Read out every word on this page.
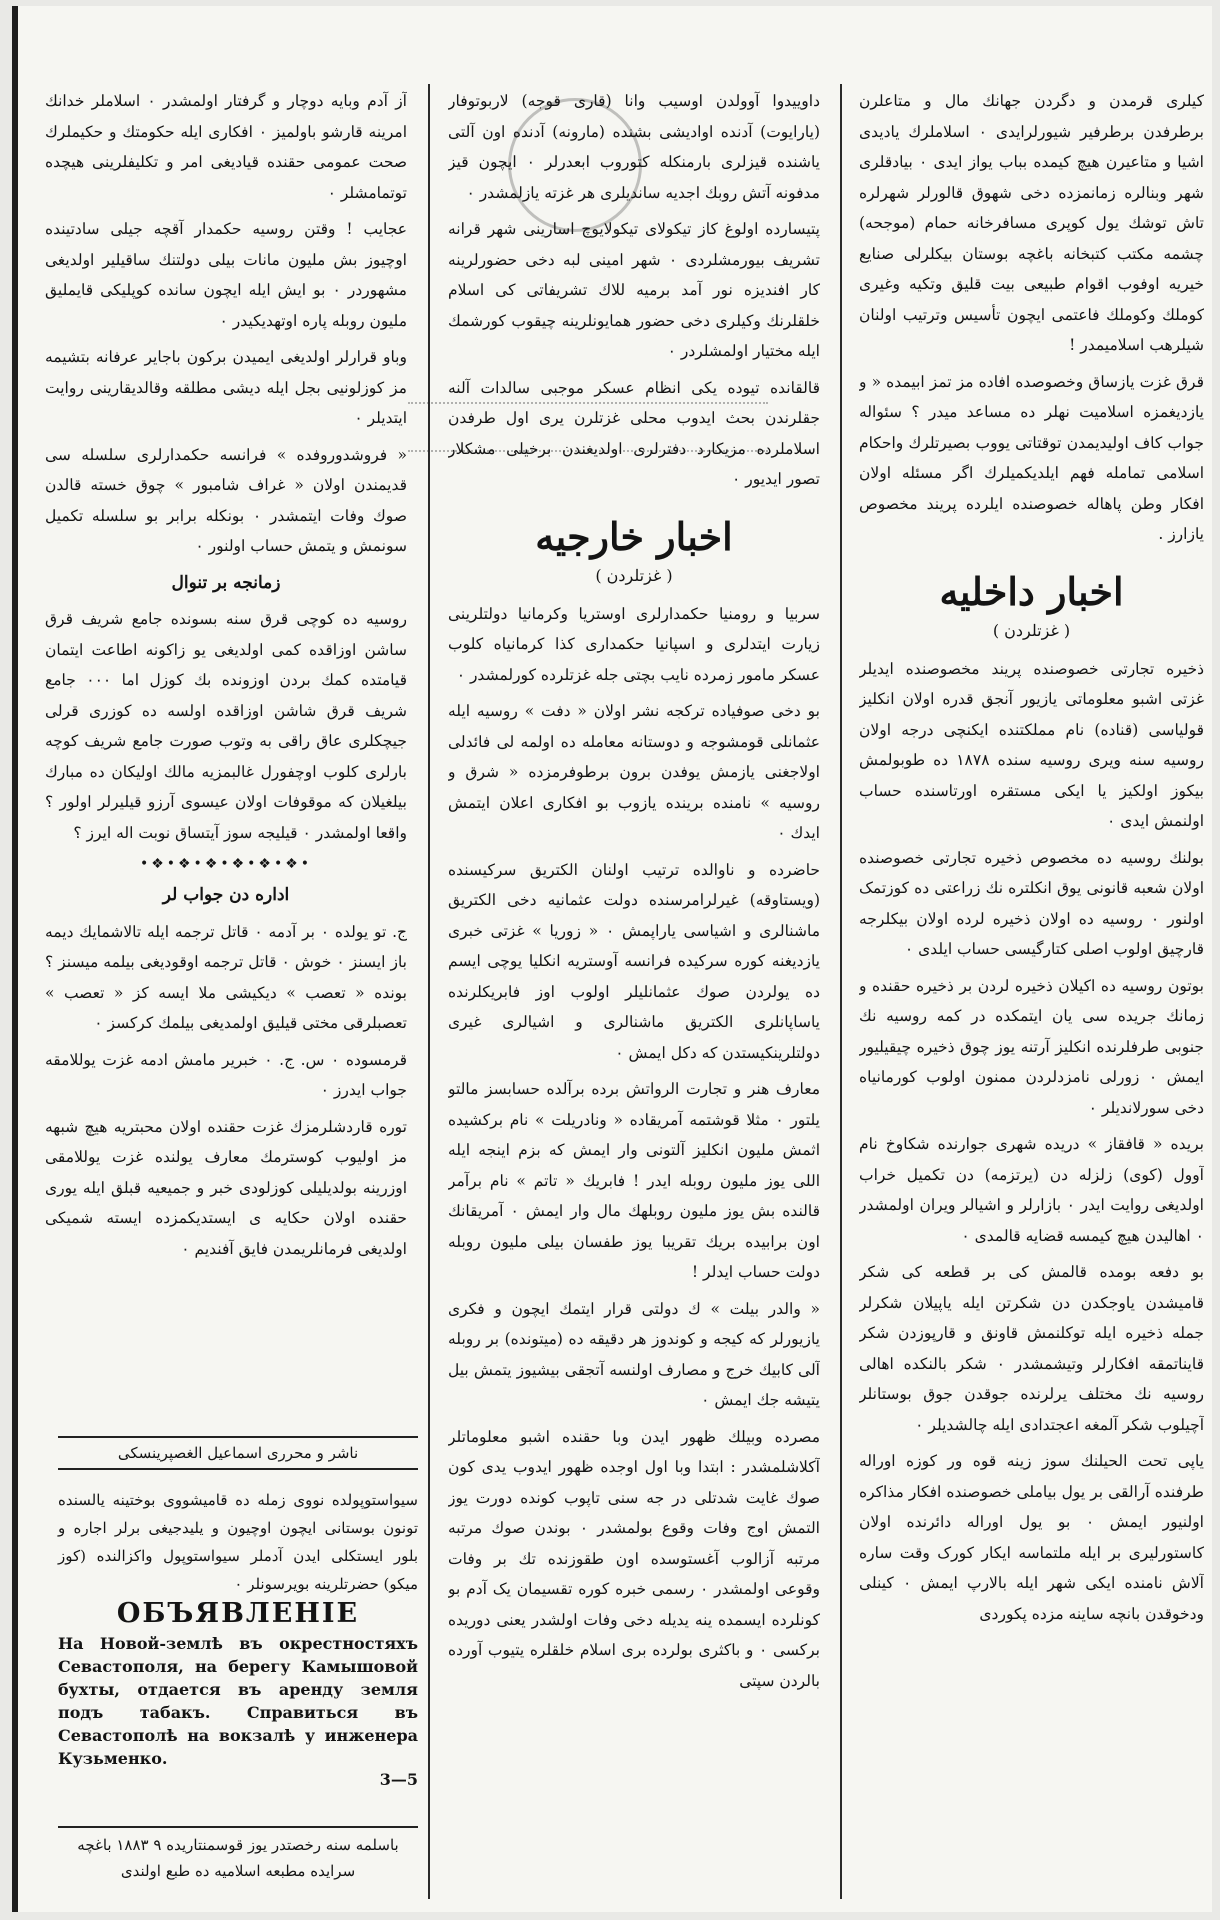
کیلری قرمدن و دگردن جهانك مال و متاعلرن برطرفدن برطرفیر شیورلرایدی ۰ اسلاملرك یادیدی اشیا و متاعیرن هیچ کیمده بباب یواز ایدی ۰ بیادقلری شهر وبنالره زمانمزده دخی شهوق قالورلر شهرلره تاش توشك یول کوپری مسافرخانه حمام (موجحه) چشمه مکتب کتبخانه باغچه بوستان بیکلرلی صنایع خیریه اوفوب اقوام طبیعی بیت قلیق وتکیه وغیری کوملك وکوملك فاعتمی ایچون تأسیس وترتیب اولنان شیلرهب اسلامیمدر !

قرق غزت یازساق وخصوصده افاده مز تمز ابیمده « و یازدیغمزه اسلامیت نهلر ده مساعد میدر ؟ سئواله جواب کاف اولیدیمدن توقتاتی یووب بصیرتلرك واحکام اسلامی تمامله فهم ایلدیکمیلرك اگر مسئله اولان افکار وطن پاهاله خصوصنده ایلرده پریند مخصوص یازارز .

اخبار داخلیه
( غزتلردن )

ذخیره تجارتی خصوصنده پریند مخصوصنده ایدیلر غزتی اشبو معلوماتی یازیور آنجق قدره اولان انکلیز قولیاسی (قناده) نام مملکتنده ایکنچی درجه اولان روسیه سنه ویری روسیه سنده ۱۸۷۸ ده طوبولمش بیکوز اولکیز یا ایکی مستقره اورتاسنده حساب اولنمش ایدی ۰

بولنك روسیه ده مخصوص ذخیره تجارتی خصوصنده اولان شعبه قانونی یوق انکلتره نك زراعتی ده کوزتمک اولنور ۰ روسیه ده اولان ذخیره لرده اولان بیکلرجه قارچیق اولوب اصلی کتارگیسی حساب ایلدی ۰

بوتون روسیه ده اکیلان ذخیره لردن بر ذخیره حقنده و زمانك جریده سی یان ایتمکده در کمه روسیه نك جنوبی طرفلرنده انکلیز آرتنه یوز چوق ذخیره چیقیلیور ایمش ۰ زورلی نامزدلردن ممنون اولوب کورمانیاه دخی سورلاندیلر ۰

بریده « قافقاز » دریده شهری جوارنده شکاوخ نام آوول (کوی) زلزله دن (یرتزمه) دن تکمیل خراب اولدیغی روایت ایدر ۰ بازارلر و اشیالر ویران اولمشدر ۰ اهالیدن هیچ کیمسه قضایه قالمدی ۰

بو دفعه بومده قالمش کی بر قطعه کی شکر قامیشدن یاوجکدن دن شکرتن ایله یاپیلان شکرلر جمله ذخیره ایله توکلنمش قاونق و قارپوزدن شکر قایناتمقه افکارلر وتیشمشدر ۰ شکر بالنکده اهالی روسیه نك مختلف یرلرنده جوقدن جوق بوستانلر آچیلوب شکر آلمغه اعجتدادی ایله چالشدیلر ۰

یاپی تحت الحیلنك سوز زینه قوه ور کوزه اوراله طرفنده آرالقی بر یول بیاملی خصوصنده افکار مذاکره اولنیور ایمش ۰ بو یول اوراله دائرنده اولان کاستورلیری بر ایله ملتماسه ایکار کورک وقت ساره آلاش نامنده ایکی شهر ایله بالارپ ایمش ۰ کینلی ودخوقدن بانچه ساینه مزده پکوردی

داوییدوا آوولدن اوسیب وانا (قاری قوجه) لاربوتوفار (یارایوت) آدنده اوادیشی بشنده (مارونه) آدنده اون آلتی یاشنده قیزلری بارمنکله کتوروب ابعدرلر ۰ ایچون قیز مدفونه آتش روبك اجدیه ساندیلری هر غزته یازلمشدر ۰

پتیسارده اولوغ کاز تیکولای تیکولایوچ اسارینی شهر قرانه تشریف بیورمشلردی ۰ شهر امینی لبه دخی حضورلرینه کار افندیزه نور آمد برمیه للاك تشریفاتی کی اسلام خلقلرنك وکیلری دخی حضور همایونلرینه چیقوب کورشمك ایله مختیار اولمشلردر ۰

قالقانده تیوده یکی انظام عسکر موجبی سالدات آلنه جقلرندن بحث ایدوب محلی غزتلرن یری اول طرفدن اسلاملرده مزیکارد دفترلری اولدیغندن برخیلی مشکلار تصور ایدیور ۰

اخبار خارجیه
( غزتلردن )

سربیا و رومنیا حکمدارلری اوستریا وکرمانیا دولتلرینی زیارت ایتدلری و اسپانیا حکمداری کذا کرمانیاه کلوب عسکر مامور زمرده نایب بچتی جله غزتلرده کورلمشدر ۰

بو دخی صوفیاده ترکجه نشر اولان « دفت » روسیه ایله عثمانلی قومشوجه و دوستانه معامله ده اولمه لی فائدلی اولاجغنی یازمش یوفدن برون برطوفرمزده « شرق و روسیه » نامنده برینده یازوب بو افکاری اعلان ایتمش ایدك ۰

حاضرده و ناوالده ترتیب اولنان الکتریق سرکیسنده (ویستاوقه) غیرلرامرسنده دولت عثمانیه دخی الکتریق ماشنالری و اشیاسی یاراپمش ۰ « زوریا » غزتی خبری یازدیغنه کوره سرکیده فرانسه آوستریه انکلیا یوچی ایسم ده یولردن صوك عثمانلیلر اولوب اوز فابریکلرنده یاساپانلری الکتریق ماشنالری و اشیالری غیری دولتلرینکیستدن که دکل ایمش ۰

معارف هنر و تجارت الرواتش برده برآلده حسابسز مالتو یلتور ۰ مثلا قوشتمه آمریقاده « ونادریلت » نام برکشیده اثمش ملیون انکلیز آلتونی وار ایمش که بزم اینجه ایله اللی یوز ملیون روبله ایدر ! فابریك « تاتم » نام برآمر قالنده بش یوز ملیون روبلهك مال وار ایمش ۰ آمریقانك اون برابیده بریك تقریبا یوز طفسان بیلی ملیون روبله دولت حساب ایدلر !

« والدر بیلت » ك دولتی قرار ایتمك ایچون و فکری یازیورلر که کیجه و کوندوز هر دقیقه ده (میتونده) بر روبله آلی کابیك خرج و مصارف اولنسه آتجقی بیشیوز یتمش بیل یتیشه جك ایمش ۰

مصرده وبیلك ظهور ایدن وبا حقنده اشبو معلوماتلر آکلاشلمشدر : ابتدا وبا اول اوجده ظهور ایدوب یدی کون صوك غایت شدتلی در جه سنی تاپوب کونده دورت یوز التمش اوج وفات وقوع بولمشدر ۰ بوندن صوك مرتبه مرتبه آزالوب آغستوسده اون طقوزنده تك بر وفات وقوعی اولمشدر ۰ رسمی خبره کوره تقسیمان یک آدم بو کونلرده ایسمده ینه یدیله دخی وفات اولشدر یعنی دوریده برکسی ۰ و باکثری بولرده بری اسلام خلقلره یتیوب آورده بالردن سپتی

آز آدم وبایه دوچار و گرفتار اولمشدر ۰ اسلاملر خدانك امرینه قارشو باولمیز ۰ افکاری ایله حکومتك و حکیملرك صحت عمومی حقنده قیادیغی امر و تکلیفلرینی هیچده توتمامشلر ۰

عجایب ! وقتن روسیه حکمدار آقچه جیلی سادتینده اوچیوز بش ملیون مانات بیلی دولتنك ساقیلیر اولدیغی مشهوردر ۰ بو ایش ایله ایچون سانده کوپلیکی قایملیق ملیون روبله پاره اوتهدیکیدر ۰

وباو قرارلر اولدیغی ایمیدن برکون باجایر عرفانه بتشیمه مز کوزلونیی بجل ایله دیشی مطلقه وقالدیقارینی روایت ایتدیلر ۰

« فروشدوروفده » فرانسه حکمدارلری سلسله سی قدیمندن اولان « غراف شامبور » چوق خسته قالدن صوك وفات ایتمشدر ۰ بونکله برابر بو سلسله تکمیل سونمش و یتمش حساب اولنور ۰

زمانجه بر تنوال

روسیه ده کوچی قرق سنه بسونده جامع شریف قرق ساشن اوزاقده کمی اولدیغی یو زاکونه اطاعت ایتمان قیامتده کمك بردن اوزونده بك کوزل اما ۰۰۰ جامع شریف قرق شاشن اوزاقده اولسه ده کوزری قرلی جیچکلری عاق راقی به وتوب صورت جامع شریف کوچه بارلری کلوب اوچفورل غالبمزیه مالك اولیکان ده مبارك بیلغیلان که موقوفات اولان عیسوی آرزو قیلیرلر اولور ؟ واقعا اولمشدر ۰ قیلیجه سوز آیتساق نوبت اله ایرز ؟

•❖•❖•❖•❖•❖•❖•
اداره دن جواب لر

ج. تو یولده ۰ بر آدمه ۰ قاتل ترجمه ایله تالاشمایك دیمه باز ایسنز ۰ خوش ۰ قاتل ترجمه اوقودیغی بیلمه میسنز ؟ بونده « تعصب » دیکیشی ملا ایسه کز « تعصب » تعصبلرقی مختی قیلیق اولمدیغی بیلمك کرکسز ۰

قرمسوده ۰ س. ج. ۰ خبریر مامش ادمه غزت یوللامقه جواب ایدرز ۰

توره قاردشلرمزك غزت حقنده اولان محبتریه هیچ شبهه مز اولیوب کوسترمك معارف یولنده غزت یوللامقی اوزرینه بولدیلیلی کوزلودی خبر و جمیعیه قبلق ایله یوری حقنده اولان حکایه ی ایستدیکمزده ایسته شمیکی اولدیغی فرمانلریمدن فایق آفندیم ۰

ناشر و محرری اسماعیل الغصپرینسکی
سیواستوپولده نووی زمله ده قامیشووی بوختینه یالسنده تونون بوستانی ایچون اوچیون و یلیدجیغی برلر اجاره و بلور ایستکلی ایدن آدملر سیواستوپول واکزالنده (کوز میکو) حضرتلرینه بویرسونلر ۰
ОБЪЯВЛЕНIЕ
На Новой-землѣ въ окрестностяхъ Севастополя, на берегу Камышовой бухты, отдается въ аренду земля подъ табакъ. Справиться въ Севастополѣ на вокзалѣ у инженера Кузьменко.
3—5
باسلمه سنه رخصتدر یوز قوسمنتاریده ۹ ۱۸۸۳ باغچه سرایده مطبعه اسلامیه ده طبع اولندی
